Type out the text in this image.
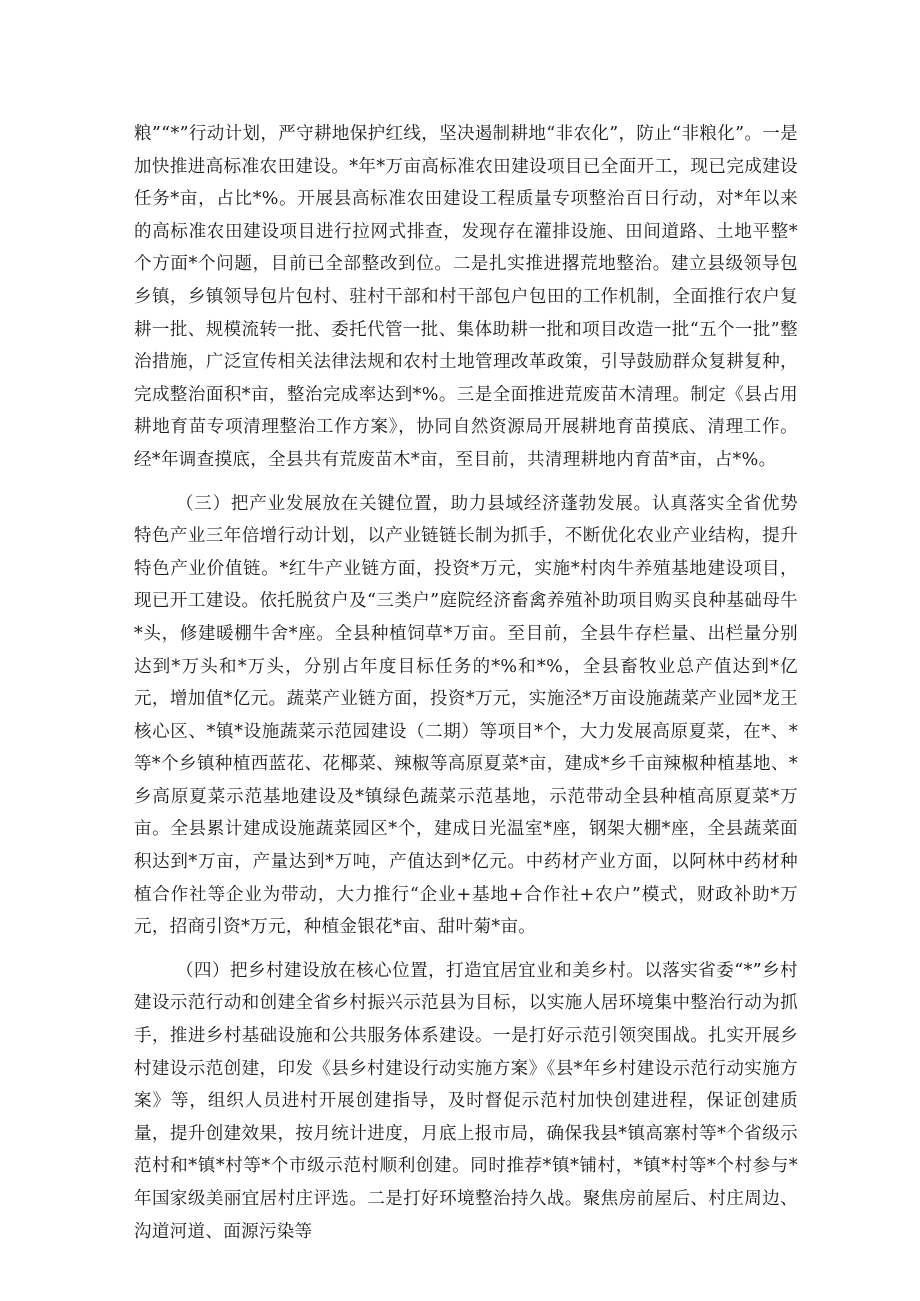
粮”“*”行动计划，严守耕地保护红线，坚决遏制耕地“非农化”，防止“非粮化”。一是加快推进高标准农田建设。*年*万亩高标准农田建设项目已全面开工，现已完成建设任务*亩，占比*%。开展县高标准农田建设工程质量专项整治百日行动，对*年以来的高标准农田建设项目进行拉网式排查，发现存在灌排设施、田间道路、土地平整*个方面*个问题，目前已全部整改到位。二是扎实推进撂荒地整治。建立县级领导包乡镇，乡镇领导包片包村、驻村干部和村干部包户包田的工作机制，全面推行农户复耕一批、规模流转一批、委托代管一批、集体助耕一批和项目改造一批“五个一批”整治措施，广泛宣传相关法律法规和农村土地管理改革政策，引导鼓励群众复耕复种，完成整治面积*亩，整治完成率达到*%。三是全面推进荒废苗木清理。制定《县占用耕地育苗专项清理整治工作方案》，协同自然资源局开展耕地育苗摸底、清理工作。经*年调查摸底，全县共有荒废苗木*亩，至目前，共清理耕地内育苗*亩，占*%。

（三）把产业发展放在关键位置，助力县域经济蓬勃发展。认真落实全省优势特色产业三年倍增行动计划，以产业链链长制为抓手，不断优化农业产业结构，提升特色产业价值链。*红牛产业链方面，投资*万元，实施*村肉牛养殖基地建设项目，现已开工建设。依托脱贫户及“三类户”庭院经济畜禽养殖补助项目购买良种基础母牛*头，修建暖棚牛舍*座。全县种植饲草*万亩。至目前，全县牛存栏量、出栏量分别达到*万头和*万头，分别占年度目标任务的*%和*%，全县畜牧业总产值达到*亿元，增加值*亿元。蔬菜产业链方面，投资*万元，实施泾*万亩设施蔬菜产业园*龙王核心区、*镇*设施蔬菜示范园建设（二期）等项目*个，大力发展高原夏菜，在*、*等*个乡镇种植西蓝花、花椰菜、辣椒等高原夏菜*亩，建成*乡千亩辣椒种植基地、*乡高原夏菜示范基地建设及*镇绿色蔬菜示范基地，示范带动全县种植高原夏菜*万亩。全县累计建成设施蔬菜园区*个，建成日光温室*座，钢架大棚*座，全县蔬菜面积达到*万亩，产量达到*万吨，产值达到*亿元。中药材产业方面，以阿林中药材种植合作社等企业为带动，大力推行“企业+基地+合作社+农户”模式，财政补助*万元，招商引资*万元，种植金银花*亩、甜叶菊*亩。

（四）把乡村建设放在核心位置，打造宜居宜业和美乡村。以落实省委“*”乡村建设示范行动和创建全省乡村振兴示范县为目标，以实施人居环境集中整治行动为抓手，推进乡村基础设施和公共服务体系建设。一是打好示范引领突围战。扎实开展乡村建设示范创建，印发《县乡村建设行动实施方案》《县*年乡村建设示范行动实施方案》等，组织人员进村开展创建指导，及时督促示范村加快创建进程，保证创建质量，提升创建效果，按月统计进度，月底上报市局，确保我县*镇高寨村等*个省级示范村和*镇*村等*个市级示范村顺利创建。同时推荐*镇*铺村，*镇*村等*个村参与*年国家级美丽宜居村庄评选。二是打好环境整治持久战。聚焦房前屋后、村庄周边、沟道河道、面源污染等
